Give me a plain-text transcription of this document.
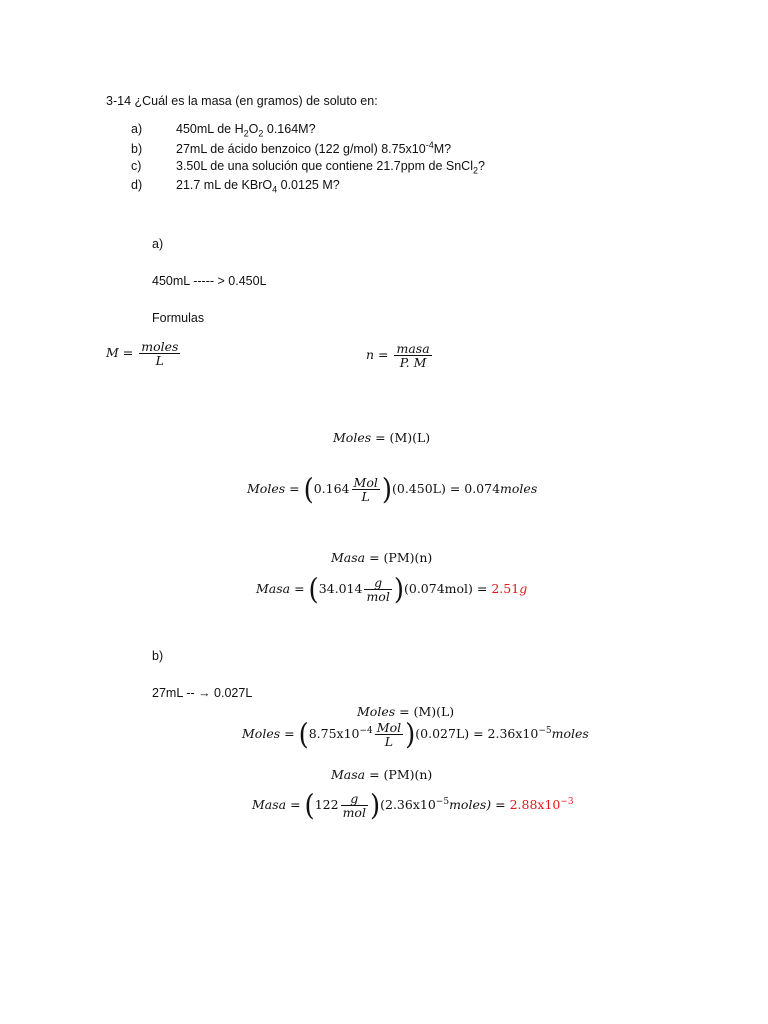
3-14 ¿Cuál es la masa (en gramos) de soluto en:
a)	450mL de $H_2O_2$ 0.164M?
b)	27mL de ácido benzoico (122 g/mol) $8.75x10^{-4}M$?
c)	3.50L de una solución que contiene 21.7ppm de SnCl$_2$?
d)	21.7 mL de KBrO$_4$ 0.0125 M?
a)
450mL ----- > 0.450L
Formulas
$M = \frac{\text{moles}}{L}$	$n = \frac{\text{masa}}{P. M}$
Moles = (M)(L)
Moles = $(0.164 \frac{\text{Mol}}{L} )(0.450L)$ = 0.074moles
Masa = (PM)(n)
Masa = $(34.014 \frac{g}{\text{mol}} )(0.074mol) = 2.51g$
b)
27mL -- → 0.027L
Moles = (M)(L)
Moles = $(8.75x10^{-4} \frac{\text{Mol}}{L} )(0.027L)$ = $2.36x10^{-5}moles$
Masa = (PM)(n)
Masa = ($122 \frac{g}{\text{mol}}$ )$(2.36x10^{-5}moles) = 2.88x10^{-3}$
